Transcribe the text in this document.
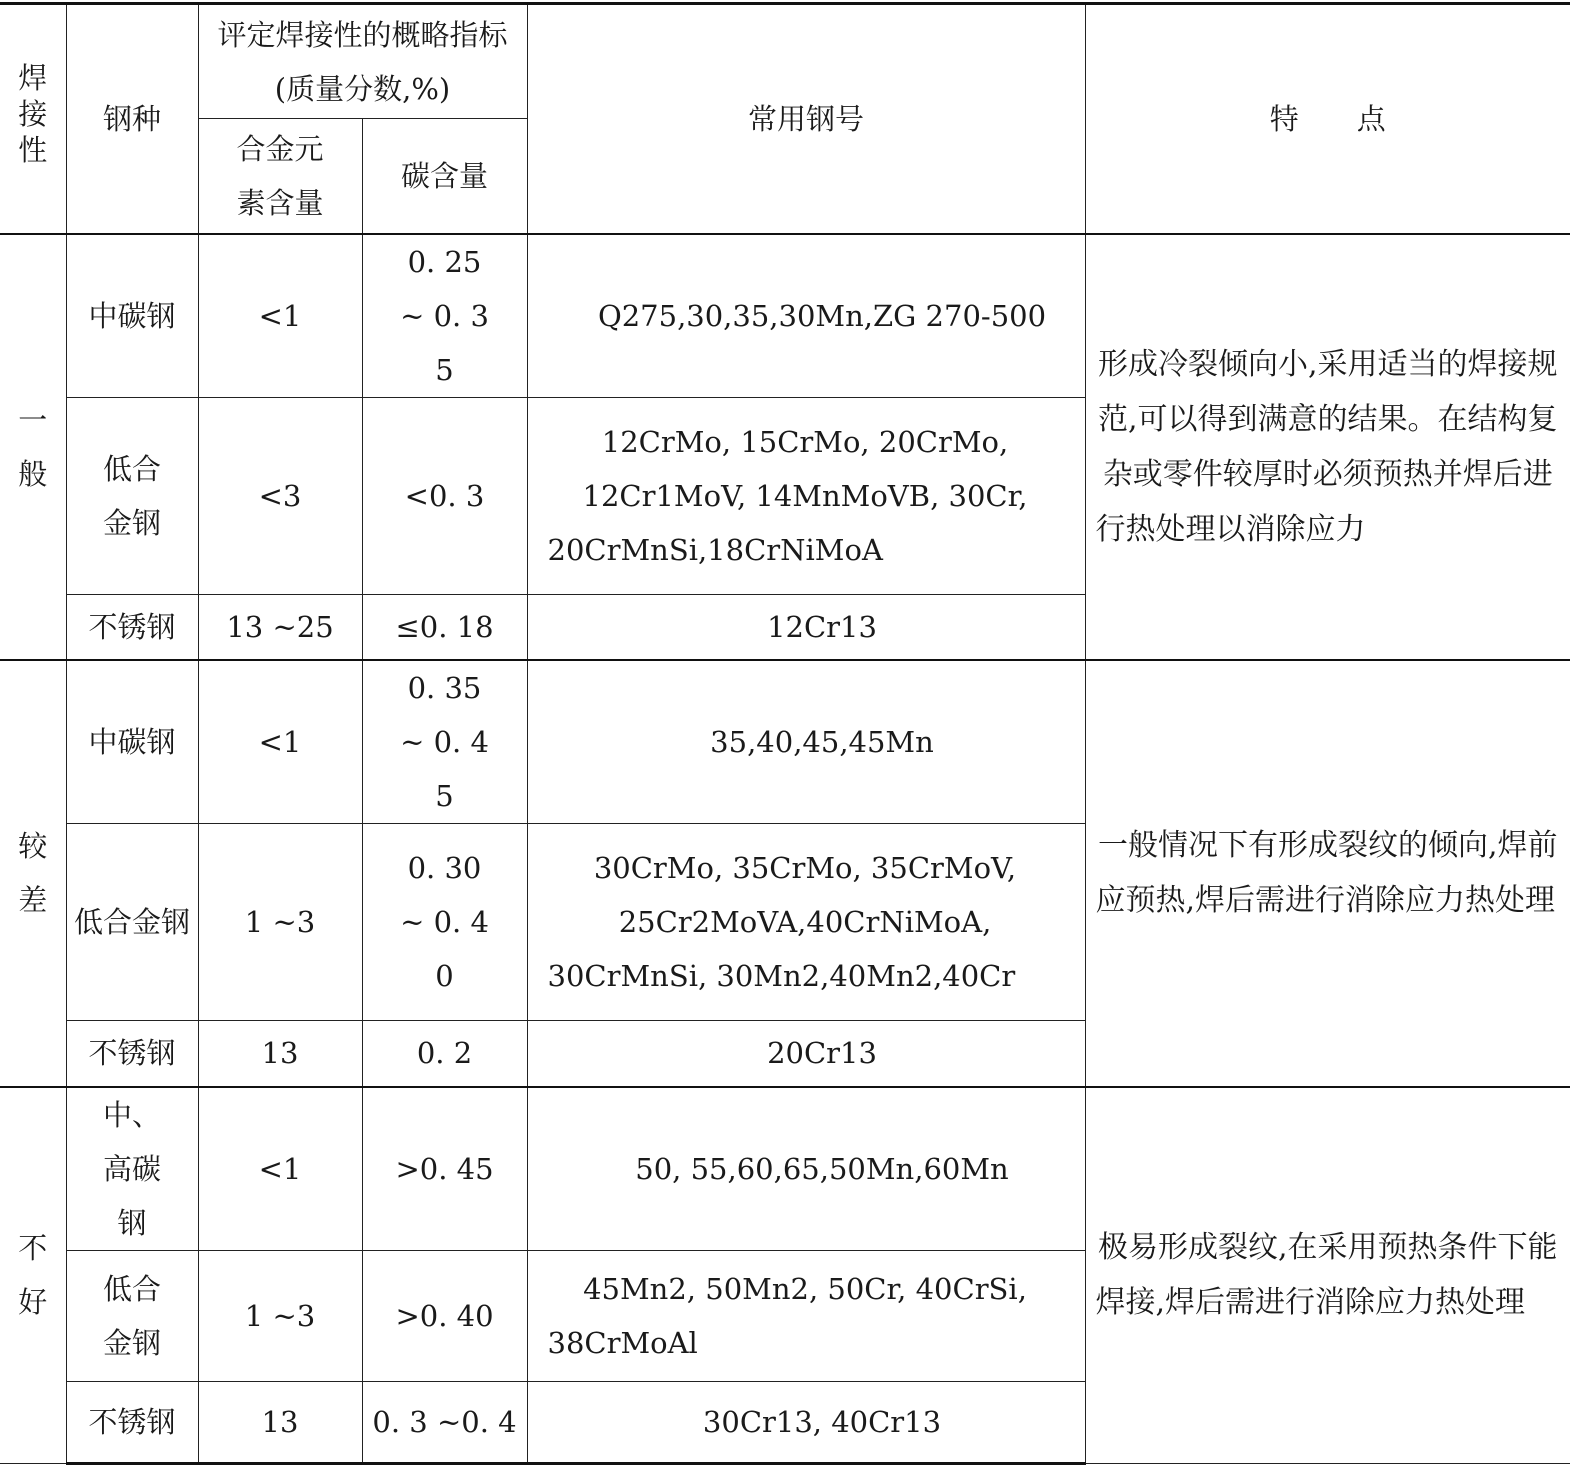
焊接性	钢种	评定焊接性的概略指标(质量分数,%)		常用钢号	特　　点
		合金元素含量	碳含量		
一般	中碳钢	<1	0. 25 ~ 0. 35	Q275,30,35,30Mn,ZG 270-500	形成冷裂倾向小,采用适当的焊接规范,可以得到满意的结果。在结构复杂或零件较厚时必须预热并焊后进行热处理以消除应力
	低合金钢	<3	<0. 3	12CrMo, 15CrMo, 20CrMo, 12Cr1MoV, 14MnMoVB, 30Cr, 20CrMnSi,18CrNiMoA	
	不锈钢	13 ~25	≤0. 18	12Cr13	
较差	中碳钢	<1	0. 35 ~ 0. 45	35,40,45,45Mn	一般情况下有形成裂纹的倾向,焊前应预热,焊后需进行消除应力热处理
	低合金钢	1 ~3	0. 30 ~ 0. 40	30CrMo, 35CrMo, 35CrMoV, 25Cr2MoVA,40CrNiMoA, 30CrMnSi, 30Mn2,40Mn2,40Cr	
	不锈钢	13	0. 2	20Cr13	
不好	中、高碳钢	<1	>0. 45	50, 55,60,65,50Mn,60Mn	极易形成裂纹,在采用预热条件下能焊接,焊后需进行消除应力热处理
	低合金钢	1 ~3	>0. 40	45Mn2, 50Mn2, 50Cr, 40CrSi, 38CrMoAl	
	不锈钢	13	0. 3 ~0. 4	30Cr13, 40Cr13	
